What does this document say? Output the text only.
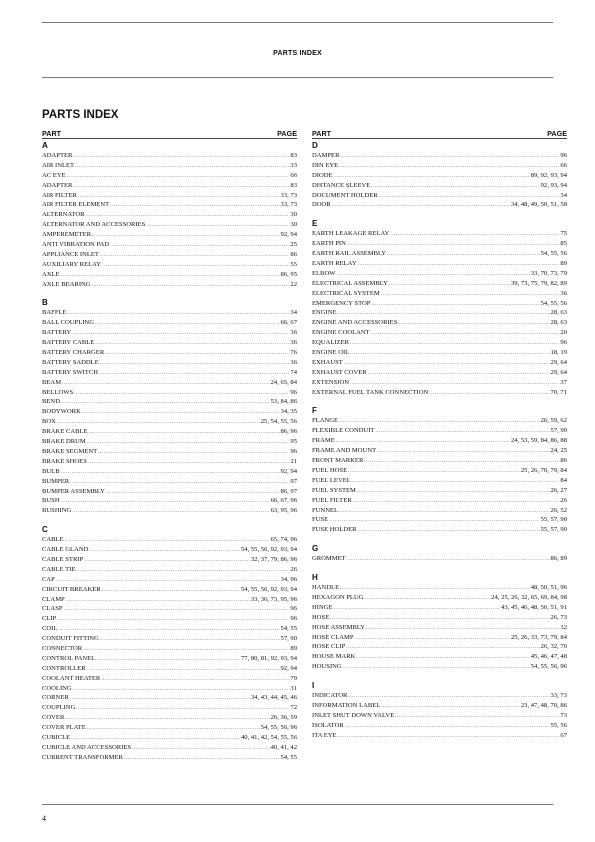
PARTS INDEX
PARTS INDEX
PART	PAGE
A
ADAPTER .....	83
AIR INLET .....	33
AC EYE .....	66
ADAPTER .....	83
AIR FILTER .....	33, 73
AIR FILTER ELEMENT .....	33, 73
ALTERNATOR .....	30
ALTERNATOR AND ACCESSORIES .....	30
AMPEREMETER .....	92, 94
ANTI VIBRATION PAD .....	25
APPLIANCE INLET .....	86
AUXILIARY RELAY .....	55
AXLE .....	86, 95
AXLE BEARING .....	22
B
BAFFLE .....	34
BALL COUPLING .....	66, 67
BATTERY .....	36
BATTERY CABLE .....	36
BATTERY CHARGER .....	76
BATTERY SADDLE .....	36
BATTERY SWITCH .....	74
BEAM .....	24, 65, 84
BELLOWS .....	96
BEND .....	53, 84, 86
BODYWORK .....	34, 35
BOX .....	25, 54, 55, 56
BRAKE CABLE .....	86, 96
BRAKE DRUM .....	95
BRAKE SEGMENT .....	96
BRAKE SHOES .....	21
BULB .....	92, 94
BUMPER .....	97
BUMPER ASSEMBLY .....	86, 97
BUSH .....	66, 67, 96
BUSHING .....	63, 95, 96
C
CABLE .....	65, 74, 96
CABLE GLAND .....	54, 55, 56, 92, 93, 94
CABLE STRIP .....	32, 37, 79, 86, 96
CABLE TIE .....	26
CAP .....	34, 96
CIRCUIT BREAKER .....	54, 55, 56, 92, 93, 94
CLAMP .....	33, 36, 73, 95, 96
CLASP .....	96
CLIP .....	96
COIL .....	54, 55
CONDUIT FITTING .....	57, 90
CONNECTOR .....	89
CONTROL PANEL .....	77, 80, 81, 92, 93, 94
CONTROLLER .....	92, 94
COOLANT HEATER .....	79
COOLING .....	31
CORNER .....	34, 43, 44, 45, 46
COUPLING .....	72
COVER .....	26, 36, 59
COVER PLATE .....	54, 55, 56, 96
CUBICLE .....	40, 41, 42, 54, 55, 56
CUBICLE AND ACCESSORIES .....	40, 41, 42
CURRENT TRANSFORMER .....	54, 55
PART	PAGE
D
DAMPER .....	96
DIN EYE .....	66
DIODE .....	89, 92, 93, 94
DISTANCE SLEEVE .....	92, 93, 94
DOCUMENT HOLDER .....	34
DOOR .....	34, 48, 49, 50, 51, 58
E
EARTH LEAKAGE RELAY .....	75
EARTH PIN .....	85
EARTH RAIL ASSEMBLY .....	54, 55, 56
EARTH RELAY .....	89
ELBOW .....	33, 70, 73, 79
ELECTRICAL ASSEMBLY .....	39, 73, 75, 79, 82, 89
ELECTRICAL SYSTEM .....	36
EMERGENCY STOP .....	54, 55, 56
ENGINE .....	28, 63
ENGINE AND ACCESSORIES .....	28, 63
ENGINE COOLANT .....	20
EQUALIZER .....	96
ENGINE OIL .....	18, 19
EXHAUST .....	29, 64
EXHAUST COVER .....	29, 64
EXTENSION .....	37
EXTERNAL FUEL TANK CONNECTION .....	70, 71
F
FLANGE .....	26, 59, 62
FLEXIBLE CONDUIT .....	57, 90
FRAME .....	24, 53, 59, 84, 86, 88
FRAME AND MOUNT .....	24, 25
FRONT MARKER .....	86
FUEL HOSE .....	25, 26, 70, 79, 84
FUEL LEVEL .....	84
FUEL SYSTEM .....	26, 27
FUEL FILTER .....	26
FUNNEL .....	26, 52
FUSE .....	55, 57, 90
FUSE HOLDER .....	55, 57, 90
G
GROMMET .....	86, 89
H
HANDLE .....	48, 50, 51, 96
HEXAGON PLUG .....	24, 25, 26, 32, 65, 69, 84, 98
HINGE .....	43, 45, 46, 48, 50, 51, 91
HOSE .....	26, 73
HOSE ASSEMBLY .....	32
HOSE CLAMP .....	25, 26, 33, 73, 79, 84
HOSE CLIP .....	26, 32, 70
HOUSE MARK .....	45, 46, 47, 48
HOUSING .....	54, 55, 56, 96
I
INDICATOR .....	33, 73
INFORMATION LABEL .....	23, 47, 48, 70, 86
INLET SHUT DOWN VALVE .....	73
ISOLATOR .....	55, 56
ITA EYE .....	67
4
